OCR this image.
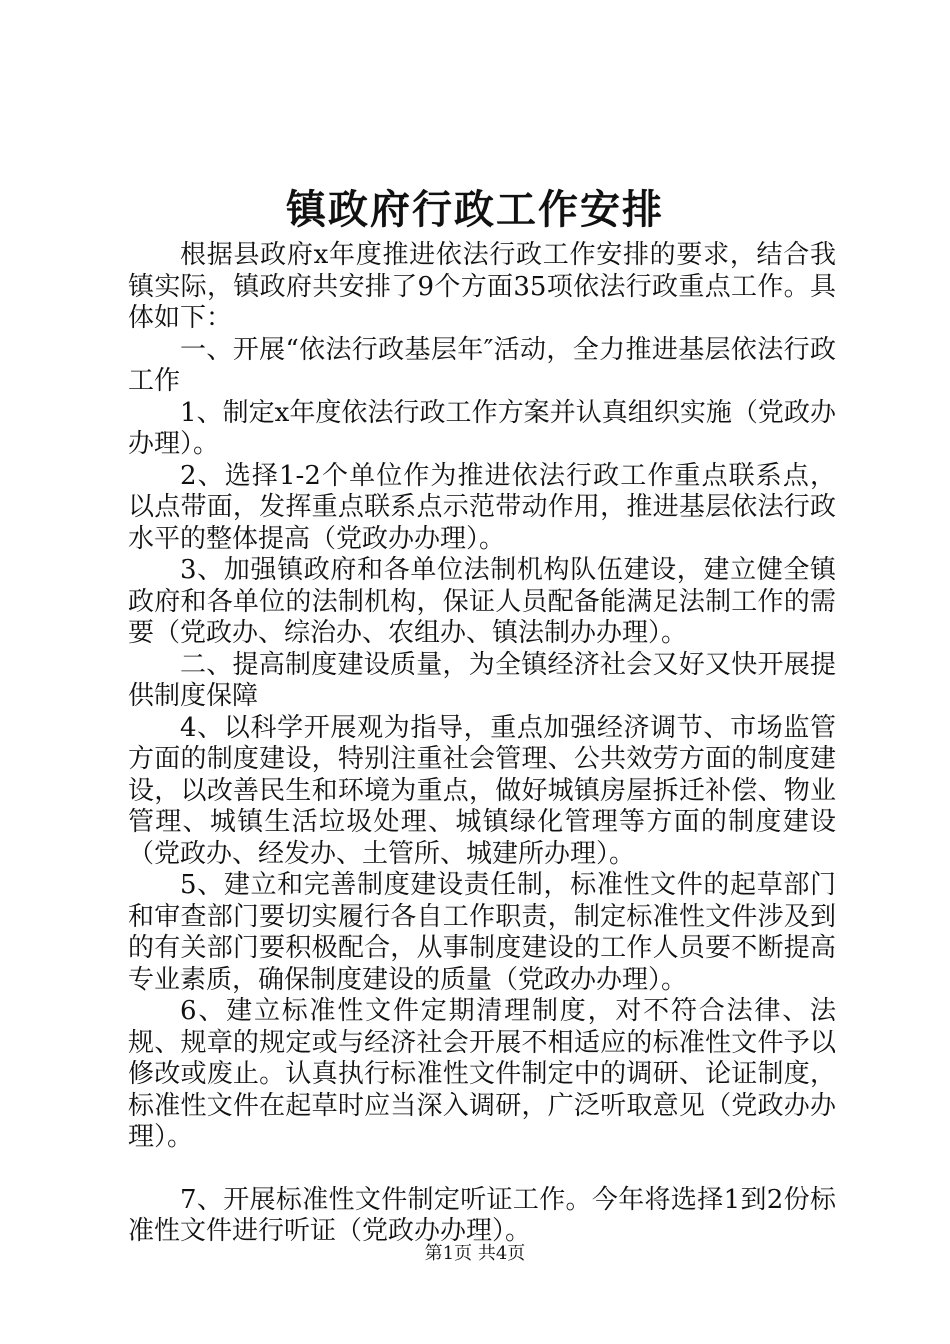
镇政府行政工作安排

根据县政府x年度推进依法行政工作安排的要求，结合我镇实际，镇政府共安排了9个方面35项依法行政重点工作。具体如下：

一、开展“依法行政基层年″活动，全力推进基层依法行政工作

1、制定x年度依法行政工作方案并认真组织实施（党政办办理）。

2、选择1-2个单位作为推进依法行政工作重点联系点，以点带面，发挥重点联系点示范带动作用，推进基层依法行政水平的整体提高（党政办办理）。

3、加强镇政府和各单位法制机构队伍建设，建立健全镇政府和各单位的法制机构，保证人员配备能满足法制工作的需要（党政办、综治办、农组办、镇法制办办理）。

二、提高制度建设质量，为全镇经济社会又好又快开展提供制度保障

4、以科学开展观为指导，重点加强经济调节、市场监管方面的制度建设，特别注重社会管理、公共效劳方面的制度建设，以改善民生和环境为重点，做好城镇房屋拆迁补偿、物业管理、城镇生活垃圾处理、城镇绿化管理等方面的制度建设（党政办、经发办、土管所、城建所办理）。

5、建立和完善制度建设责任制，标准性文件的起草部门和审查部门要切实履行各自工作职责，制定标准性文件涉及到的有关部门要积极配合，从事制度建设的工作人员要不断提高专业素质，确保制度建设的质量（党政办办理）。

6、建立标准性文件定期清理制度，对不符合法律、法规、规章的规定或与经济社会开展不相适应的标准性文件予以修改或废止。认真执行标准性文件制定中的调研、论证制度，标准性文件在起草时应当深入调研，广泛听取意见（党政办办理）。

7、开展标准性文件制定听证工作。今年将选择1到2份标准性文件进行听证（党政办办理）。

第1页 共4页
